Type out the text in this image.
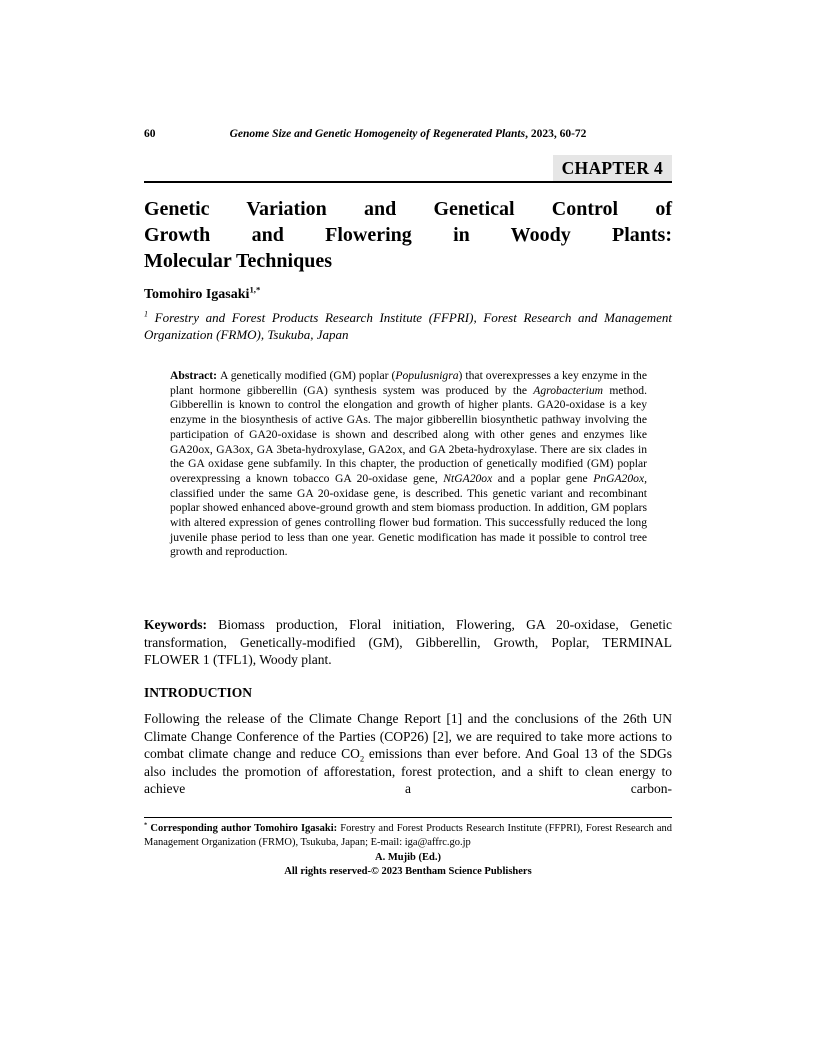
60	Genome Size and Genetic Homogeneity of Regenerated Plants, 2023, 60-72
CHAPTER 4
Genetic Variation and Genetical Control of
Growth and Flowering in Woody Plants:
Molecular Techniques
Tomohiro Igasaki$^{1,*}$
$^1$ Forestry and Forest Products Research Institute (FFPRI), Forest Research and Management Organization (FRMO), Tsukuba, Japan
Abstract: A genetically modified (GM) poplar (Populusnigra) that overexpresses a key enzyme in the plant hormone gibberellin (GA) synthesis system was produced by the Agrobacterium method. Gibberellin is known to control the elongation and growth of higher plants. GA20-oxidase is a key enzyme in the biosynthesis of active GAs. The major gibberellin biosynthetic pathway involving the participation of GA20-oxidase is shown and described along with other genes and enzymes like GA20ox, GA3ox, GA 3beta-hydroxylase, GA2ox, and GA 2beta-hydroxylase. There are six clades in the GA oxidase gene subfamily. In this chapter, the production of genetically modified (GM) poplar overexpressing a known tobacco GA 20-oxidase gene, NtGA20ox and a poplar gene PnGA20ox, classified under the same GA 20-oxidase gene, is described. This genetic variant and recombinant poplar showed enhanced above-ground growth and stem biomass production. In addition, GM poplars with altered expression of genes controlling flower bud formation. This successfully reduced the long juvenile phase period to less than one year. Genetic modification has made it possible to control tree growth and reproduction.
Keywords: Biomass production, Floral initiation, Flowering, GA 20-oxidase, Genetic transformation, Genetically-modified (GM), Gibberellin, Growth, Poplar, TERMINAL FLOWER 1 (TFL1), Woody plant.
INTRODUCTION
Following the release of the Climate Change Report [1] and the conclusions of the 26th UN Climate Change Conference of the Parties (COP26) [2], we are required to take more actions to combat climate change and reduce $CO_2$ emissions than ever before. And Goal 13 of the SDGs also includes the promotion of afforestation, forest protection, and a shift to clean energy to achieve a carbon-
* Corresponding author Tomohiro Igasaki: Forestry and Forest Products Research Institute (FFPRI), Forest Research and Management Organization (FRMO), Tsukuba, Japan; E-mail: iga@affrc.go.jp
A. Mujib (Ed.)
All rights reserved-© 2023 Bentham Science Publishers
